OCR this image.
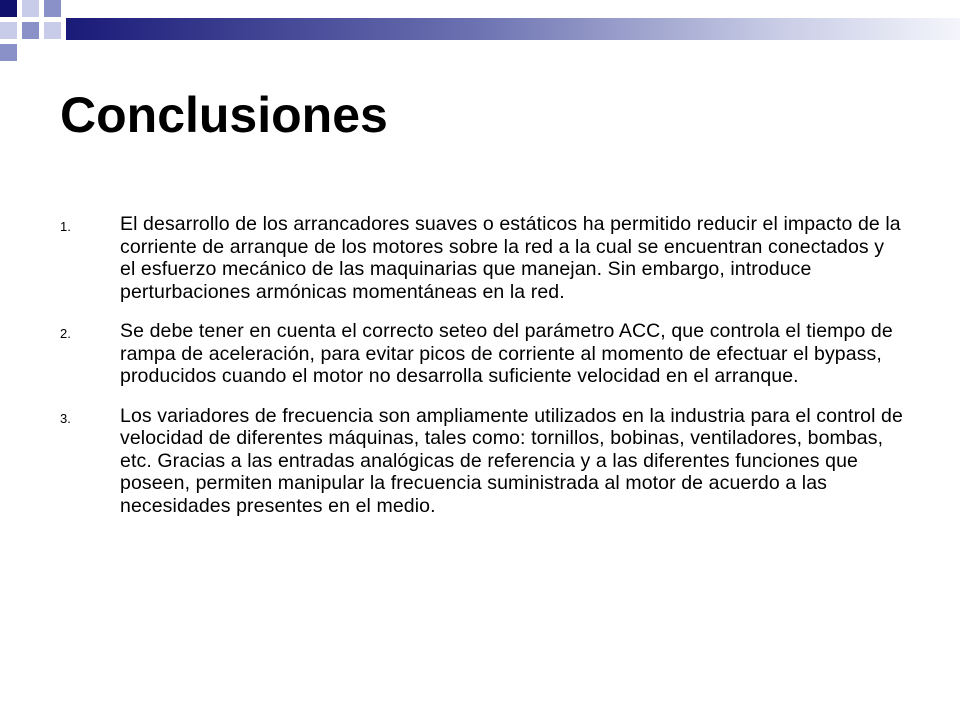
Conclusiones
1.	El desarrollo de los arrancadores suaves o estáticos ha permitido reducir el impacto de la corriente de arranque de los motores sobre la red a la cual se encuentran conectados y el esfuerzo mecánico de las maquinarias que manejan. Sin embargo, introduce perturbaciones armónicas momentáneas en la red.
2.	Se debe tener en cuenta el correcto seteo del parámetro ACC, que controla el tiempo de rampa de aceleración, para evitar picos de corriente al momento de efectuar el bypass, producidos cuando el motor no desarrolla suficiente velocidad en el arranque.
3.	Los variadores de frecuencia son ampliamente utilizados en la industria para el control de velocidad de diferentes máquinas, tales como: tornillos, bobinas, ventiladores, bombas, etc. Gracias a las entradas analógicas de referencia y a las diferentes funciones que poseen, permiten manipular la frecuencia suministrada al motor de acuerdo a las necesidades presentes en el medio.
